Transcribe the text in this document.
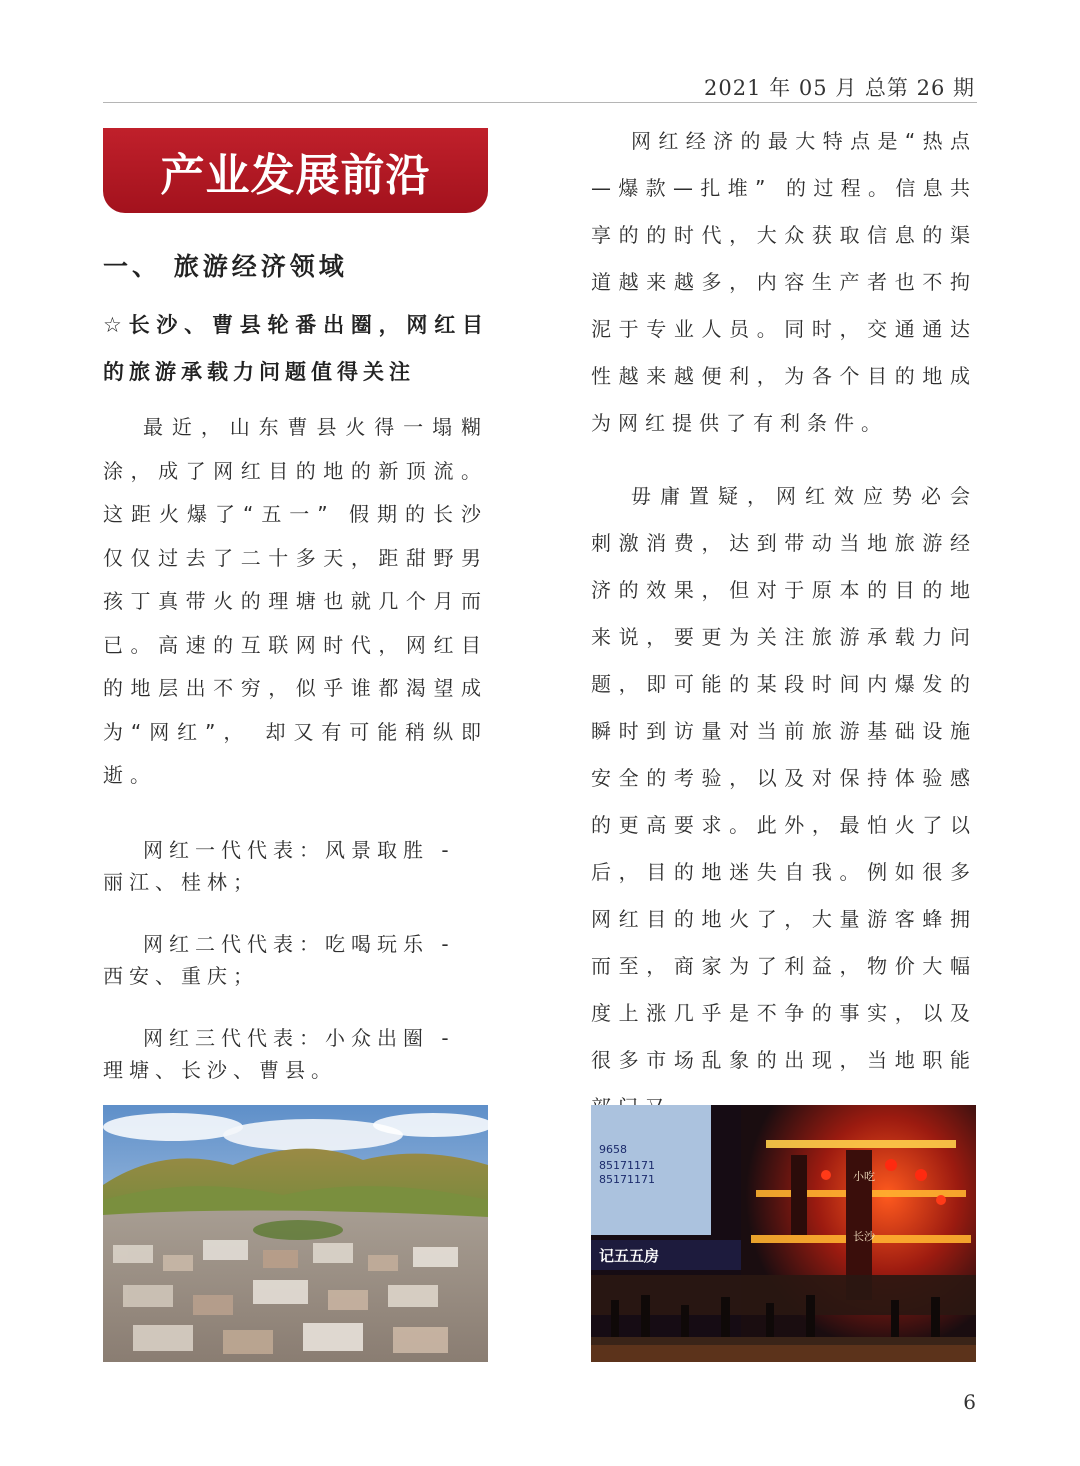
2021 年 05 月 总第 26 期
产业发展前沿
一、 旅游经济领域
☆长沙、曹县轮番出圈，网红目的旅游承载力问题值得关注

最近，山东曹县火得一塌糊涂，成了网红目的地的新顶流。这距火爆了“五一” 假期的长沙仅仅过去了二十多天，距甜野男孩丁真带火的理塘也就几个月而已。高速的互联网时代，网红目的地层出不穷，似乎谁都渴望成为“网红”， 却又有可能稍纵即逝。

网红一代代表：风景取胜 - 丽江、桂林；

网红二代代表：吃喝玩乐 - 西安、重庆；

网红三代代表：小众出圈 - 理塘、长沙、曹县。

网红经济的最大特点是“热点—爆款—扎堆” 的过程。信息共享的的时代，大众获取信息的渠道越来越多，内容生产者也不拘泥于专业人员。同时，交通通达性越来越便利，为各个目的地成为网红提供了有利条件。

毋庸置疑，网红效应势必会刺激消费，达到带动当地旅游经济的效果，但对于原本的目的地来说，要更为关注旅游承载力问题，即可能的某段时间内爆发的瞬时到访量对当前旅游基础设施安全的考验，以及对保持体验感的更高要求。此外，最怕火了以后，目的地迷失自我。例如很多网红目的地火了，大量游客蜂拥而至，商家为了利益，物价大幅度上涨几乎是不争的事实，以及很多市场乱象的出现，当地职能

9658
85171171
85171171	小吃
长沙
记五五房
6
